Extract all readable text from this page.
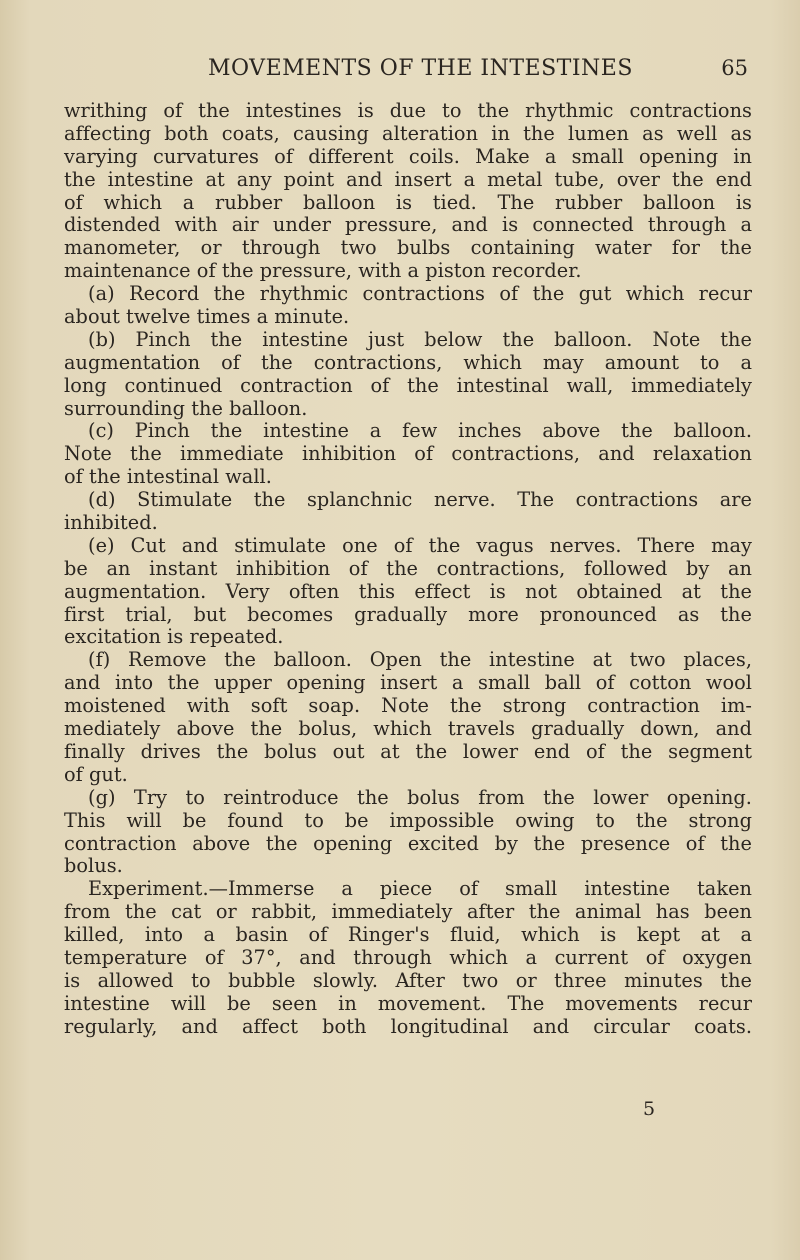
MOVEMENTS OF THE INTESTINES	65
writhing of the intestines is due to the rhythmic contractions
affecting both coats, causing alteration in the lumen as well as
varying curvatures of different coils. Make a small opening in
the intestine at any point and insert a metal tube, over the end
of which a rubber balloon is tied. The rubber balloon is
distended with air under pressure, and is connected through a
manometer, or through two bulbs containing water for the
maintenance of the pressure, with a piston recorder.
(a) Record the rhythmic contractions of the gut which recur
about twelve times a minute.
(b) Pinch the intestine just below the balloon. Note the
augmentation of the contractions, which may amount to a
long continued contraction of the intestinal wall, immediately
surrounding the balloon.
(c) Pinch the intestine a few inches above the balloon.
Note the immediate inhibition of contractions, and relaxation
of the intestinal wall.
(d) Stimulate the splanchnic nerve. The contractions are
inhibited.
(e) Cut and stimulate one of the vagus nerves. There may
be an instant inhibition of the contractions, followed by an
augmentation. Very often this effect is not obtained at the
first trial, but becomes gradually more pronounced as the
excitation is repeated.
(f) Remove the balloon. Open the intestine at two places,
and into the upper opening insert a small ball of cotton wool
moistened with soft soap. Note the strong contraction im-
mediately above the bolus, which travels gradually down, and
finally drives the bolus out at the lower end of the segment
of gut.
(g) Try to reintroduce the bolus from the lower opening.
This will be found to be impossible owing to the strong
contraction above the opening excited by the presence of the
bolus.
Experiment.—Immerse a piece of small intestine taken
from the cat or rabbit, immediately after the animal has been
killed, into a basin of Ringer's fluid, which is kept at a
temperature of 37°, and through which a current of oxygen
is allowed to bubble slowly. After two or three minutes the
intestine will be seen in movement. The movements recur
regularly, and affect both longitudinal and circular coats.
5
